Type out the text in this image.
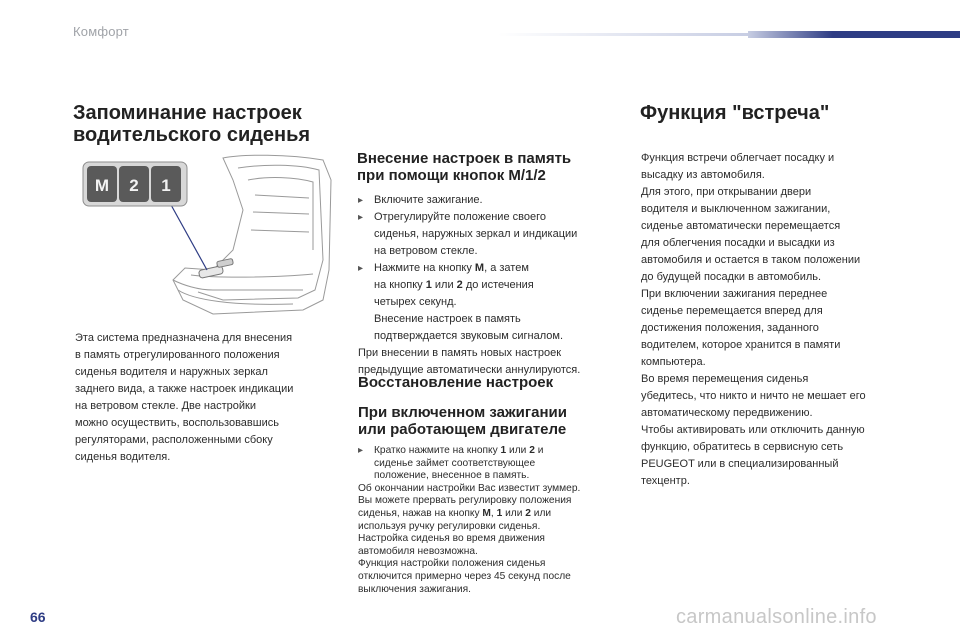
Комфорт
Запоминание настроек
водительского сиденья
M 2 1
Эта система предназначена для внесения
в память отрегулированного положения
сиденья водителя и наружных зеркал
заднего вида, а также настроек индикации
на ветровом стекле. Две настройки
можно осуществить, воспользовавшись
регуляторами, расположенными сбоку
сиденья водителя.
Внесение настроек в память
при помощи кнопок M/1/2
▸ Включите зажигание.
▸ Отрегулируйте положение своего
сиденья, наружных зеркал и индикации
на ветровом стекле.
▸ Нажмите на кнопку M, а затем
на кнопку 1 или 2 до истечения
четырех секунд.
Внесение настроек в память
подтверждается звуковым сигналом.
При внесении в память новых настроек
предыдущие автоматически аннулируются.
Восстановление настроек
При включенном зажигании
или работающем двигателе
▸ Кратко нажмите на кнопку 1 или 2 и
сиденье займет соответствующее
положение, внесенное в память.
Об окончании настройки Вас известит зуммер.
Вы можете прервать регулировку положения
сиденья, нажав на кнопку M, 1 или 2 или
используя ручку регулировки сиденья.
Настройка сиденья во время движения
автомобиля невозможна.
Функция настройки положения сиденья
отключится примерно через 45 секунд после
выключения зажигания.
Функция "встреча"
Функция встречи облегчает посадку и
высадку из автомобиля.
Для этого, при открывании двери
водителя и выключенном зажигании,
сиденье автоматически перемещается
для облегчения посадки и высадки из
автомобиля и остается в таком положении
до будущей посадки в автомобиль.
При включении зажигания переднее
сиденье перемещается вперед для
достижения положения, заданного
водителем, которое хранится в памяти
компьютера.
Во время перемещения сиденья
убедитесь, что никто и ничто не мешает его
автоматическому передвижению.
Чтобы активировать или отключить данную
функцию, обратитесь в сервисную сеть
PEUGEOT или в специализированный
техцентр.
66	carmanualsonline.info
